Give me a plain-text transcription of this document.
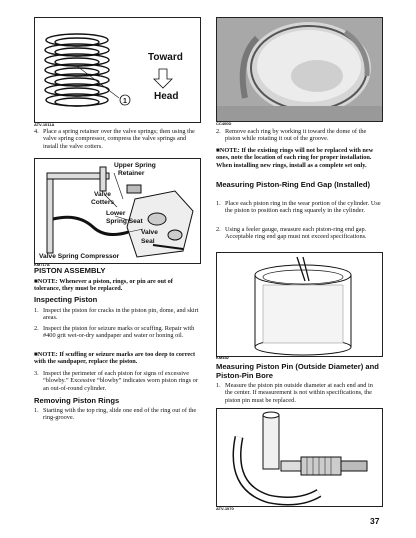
1
Toward
Head
ATV-1011A
4. Place a spring retainer over the valve springs; then using the valve spring compressor, compress the valve springs and install the valve cotters.
Upper Spring
Retainer
Valve
Cotters
Lower
Spring Seat
Valve
Seal
Valve Spring Compressor
KM717A
PISTON ASSEMBLY
■NOTE: Whenever a piston, rings, or pin are out of tolerance, they must be replaced.
Inspecting Piston
1. Inspect the piston for cracks in the piston pin, dome, and skirt areas.
2. Inspect the piston for seizure marks or scuffing. Repair with #400 grit wet-or-dry sandpaper and water or honing oil.
■NOTE: If scuffing or seizure marks are too deep to correct with the sandpaper, replace the piston.
3. Inspect the perimeter of each piston for signs of excessive “blowby.” Excessive “blowby” indicates worn piston rings or an out-of-round cylinder.
Removing Piston Rings
1. Starting with the top ring, slide one end of the ring out of the ring-groove.
CC400D
2. Remove each ring by working it toward the dome of the piston while rotating it out of the groove.
■NOTE: If the existing rings will not be replaced with new ones, note the location of each ring for proper installation. When installing new rings, install as a complete set only.
Measuring Piston-Ring End Gap (Installed)
1. Place each piston ring in the wear portion of the cylinder. Use the piston to position each ring squarely in the cylinder.
2. Using a feeler gauge, measure each piston-ring end gap. Acceptable ring end gap must not exceed specifications.
KM452
Measuring Piston Pin (Outside Diameter) and Piston-Pin Bore
1. Measure the piston pin outside diameter at each end and in the center. If measurement is not within specifications, the piston pin must be replaced.
ATV-1070
37
